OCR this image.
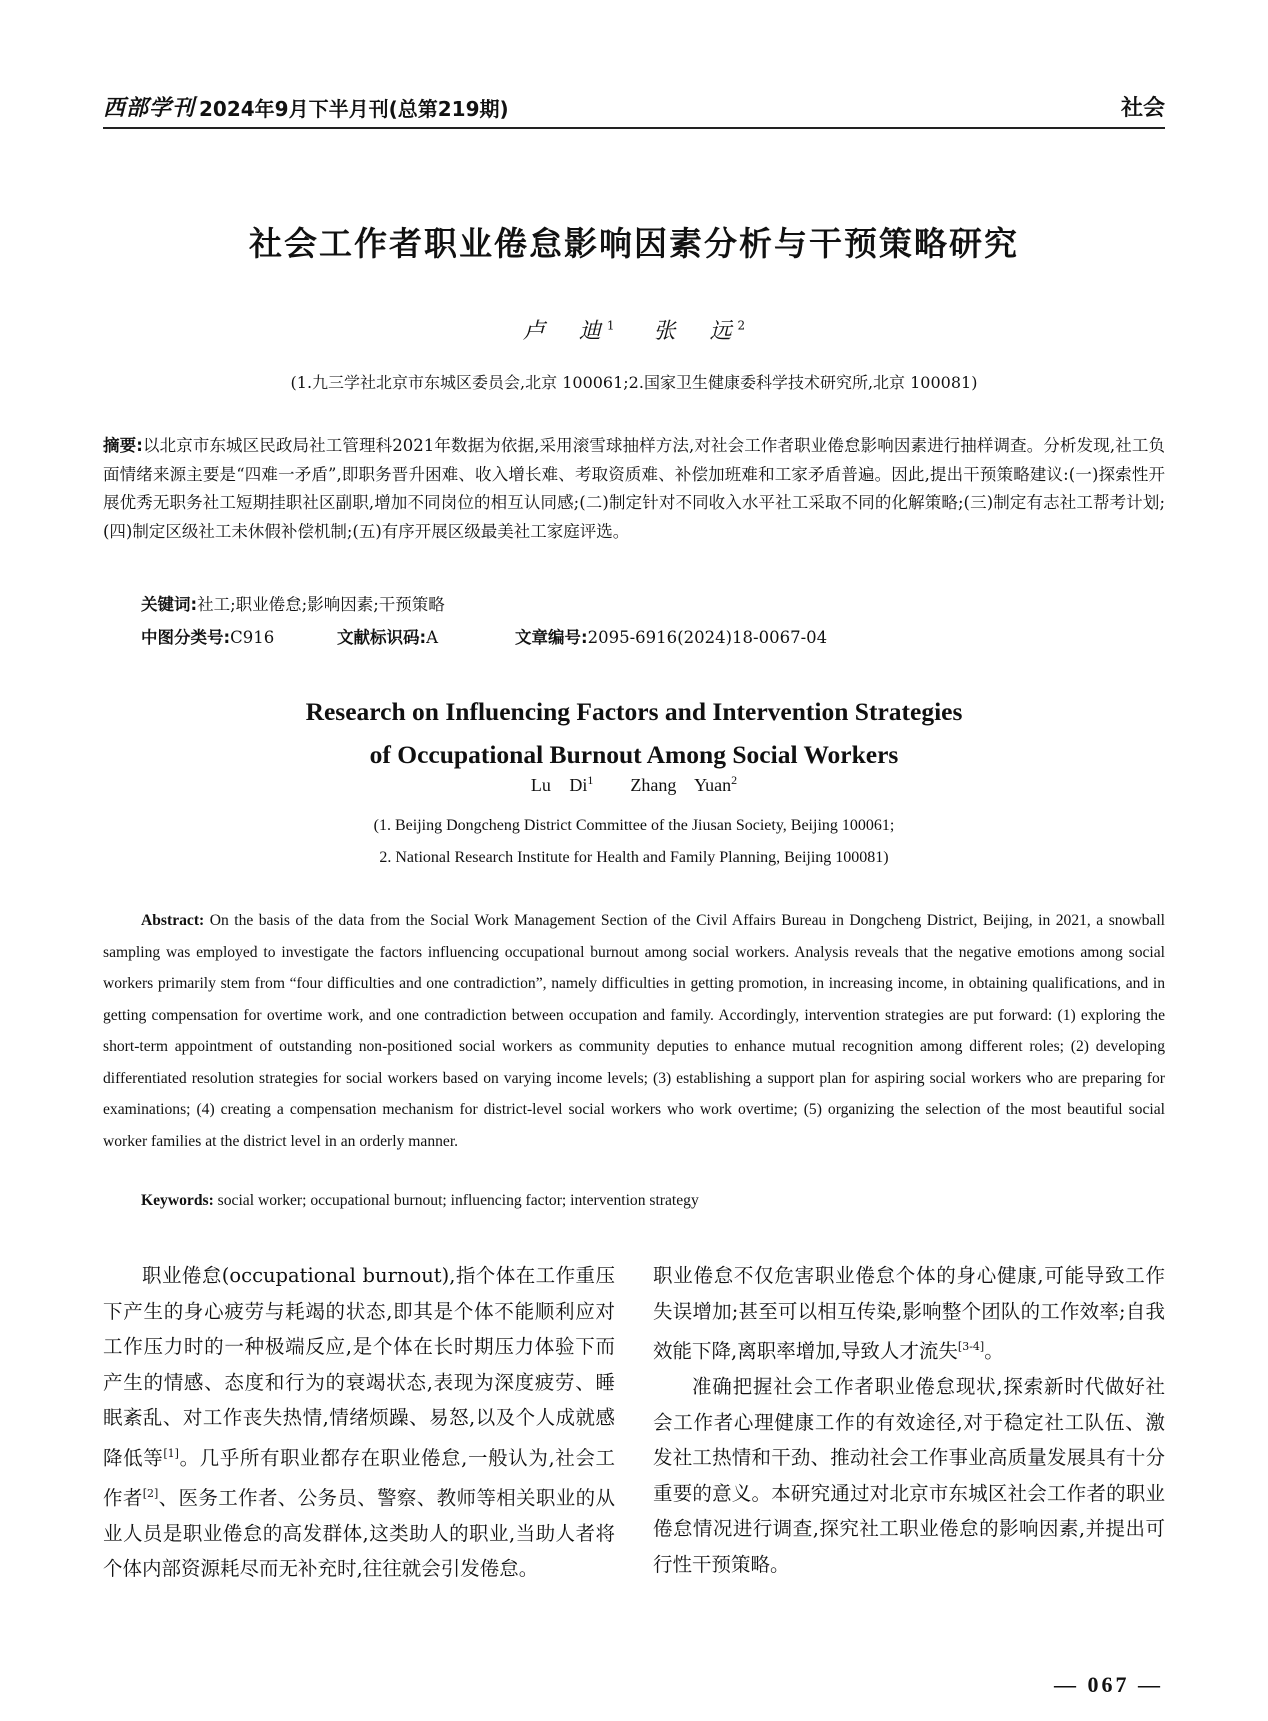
西部学刊 2024年9月下半月刊(总第219期)	社会
社会工作者职业倦怠影响因素分析与干预策略研究
卢　迪$^1$ 张　远$^2$
(1.九三学社北京市东城区委员会,北京 100061;2.国家卫生健康委科学技术研究所,北京 100081)
摘要:以北京市东城区民政局社工管理科2021年数据为依据,采用滚雪球抽样方法,对社会工作者职业倦怠影响因素进行抽样调查。分析发现,社工负面情绪来源主要是“四难一矛盾”,即职务晋升困难、收入增长难、考取资质难、补偿加班难和工家矛盾普遍。因此,提出干预策略建议:(一)探索性开展优秀无职务社工短期挂职社区副职,增加不同岗位的相互认同感;(二)制定针对不同收入水平社工采取不同的化解策略;(三)制定有志社工帮考计划;(四)制定区级社工未休假补偿机制;(五)有序开展区级最美社工家庭评选。
关键词:社工;职业倦怠;影响因素;干预策略
中图分类号:C916	文献标识码:A	文章编号:2095-6916(2024)18-0067-04
Research on Influencing Factors and Intervention Strategies
of Occupational Burnout Among Social Workers
Lu Di$^1$ Zhang Yuan$^2$
(1. Beijing Dongcheng District Committee of the Jiusan Society, Beijing 100061;
2. National Research Institute for Health and Family Planning, Beijing 100081)
Abstract: On the basis of the data from the Social Work Management Section of the Civil Affairs Bureau in Dongcheng District, Beijing, in 2021, a snowball sampling was employed to investigate the factors influencing occupational burnout among social workers. Analysis reveals that the negative emotions among social workers primarily stem from “four difficulties and one contradiction”, namely difficulties in getting promotion, in increasing income, in obtaining qualifications, and in getting compensation for overtime work, and one contradiction between occupation and family. Accordingly, intervention strategies are put forward: (1) exploring the short-term appointment of outstanding non-positioned social workers as community deputies to enhance mutual recognition among different roles; (2) developing differentiated resolution strategies for social workers based on varying income levels; (3) establishing a support plan for aspiring social workers who are preparing for examinations; (4) creating a compensation mechanism for district-level social workers who work overtime; (5) organizing the selection of the most beautiful social worker families at the district level in an orderly manner.
Keywords: social worker; occupational burnout; influencing factor; intervention strategy

职业倦怠(occupational burnout),指个体在工作重压下产生的身心疲劳与耗竭的状态,即其是个体不能顺利应对工作压力时的一种极端反应,是个体在长时期压力体验下而产生的情感、态度和行为的衰竭状态,表现为深度疲劳、睡眠紊乱、对工作丧失热情,情绪烦躁、易怒,以及个人成就感降低等[1]。几乎所有职业都存在职业倦怠,一般认为,社会工作者[2]、医务工作者、公务员、警察、教师等相关职业的从业人员是职业倦怠的高发群体,这类助人的职业,当助人者将个体内部资源耗尽而无补充时,往往就会引发倦怠。

职业倦怠不仅危害职业倦怠个体的身心健康,可能导致工作失误增加;甚至可以相互传染,影响整个团队的工作效率;自我效能下降,离职率增加,导致人才流失[3-4]。

准确把握社会工作者职业倦怠现状,探索新时代做好社会工作者心理健康工作的有效途径,对于稳定社工队伍、激发社工热情和干劲、推动社会工作事业高质量发展具有十分重要的意义。本研究通过对北京市东城区社会工作者的职业倦怠情况进行调查,探究社工职业倦怠的影响因素,并提出可行性干预策略。

— 067 —
